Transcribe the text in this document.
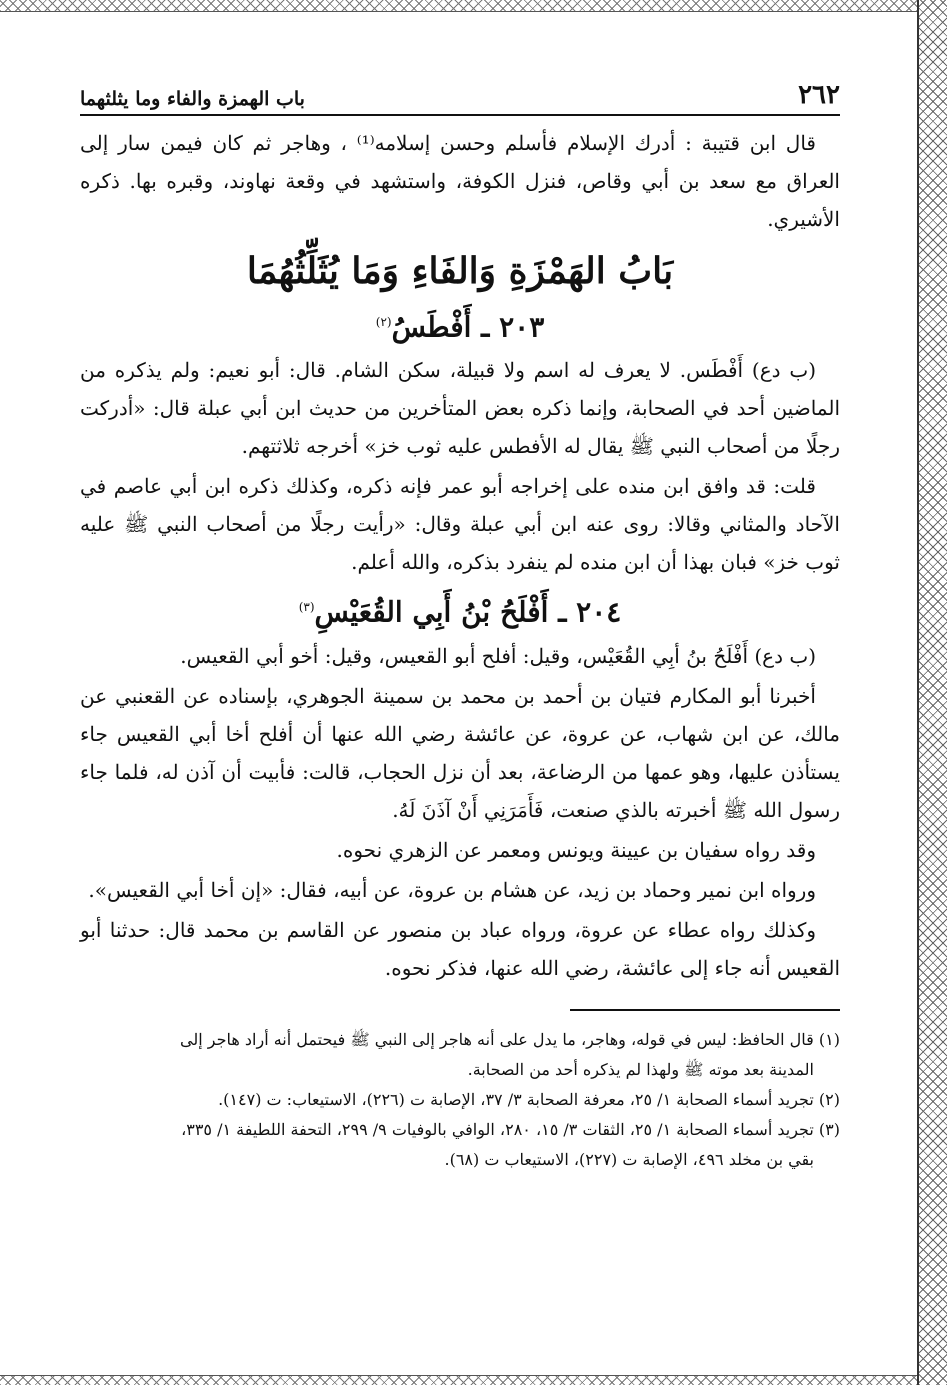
٢٦٢
باب الهمزة والفاء وما يثلثهما

قال ابن قتيبة : أدرك الإسلام فأسلم وحسن إسلامه⁽¹⁾ ، وهاجر ثم كان فيمن سار إلى العراق مع سعد بن أبي وقاص، فنزل الكوفة، واستشهد في وقعة نهاوند، وقبره بها. ذكره الأشيري.

بَابُ الهَمْزَةِ وَالفَاءِ وَمَا يُثَلِّثُهُمَا
٢٠٣ ـ أَفْطَسُ$^{(٢)}$

(ب دع) أَفْطَس. لا يعرف له اسم ولا قبيلة، سكن الشام. قال: أبو نعيم: ولم يذكره من الماضين أحد في الصحابة، وإنما ذكره بعض المتأخرين من حديث ابن أبي عبلة قال: «أدركت رجلًا من أصحاب النبي ﷺ يقال له الأفطس عليه ثوب خز» أخرجه ثلاثتهم.

قلت: قد وافق ابن منده على إخراجه أبو عمر فإنه ذكره، وكذلك ذكره ابن أبي عاصم في الآحاد والمثاني وقالا: روى عنه ابن أبي عبلة وقال: «رأيت رجلًا من أصحاب النبي ﷺ عليه ثوب خز» فبان بهذا أن ابن منده لم ينفرد بذكره، والله أعلم.

٢٠٤ ـ أَفْلَحُ بْنُ أَبِي القُعَيْسِ$^{(٣)}$

(ب دع) أَفْلَحُ بنُ أبِي القُعَيْس، وقيل: أفلح أبو القعيس، وقيل: أخو أبي القعيس.

أخبرنا أبو المكارم فتيان بن أحمد بن محمد بن سمينة الجوهري، بإسناده عن القعنبي عن مالك، عن ابن شهاب، عن عروة، عن عائشة رضي الله عنها أن أفلح أخا أبي القعيس جاء يستأذن عليها، وهو عمها من الرضاعة، بعد أن نزل الحجاب، قالت: فأبيت أن آذن له، فلما جاء رسول الله ﷺ أخبرته بالذي صنعت، فَأَمَرَنِي أَنْ آذَنَ لَهُ.

وقد رواه سفيان بن عيينة ويونس ومعمر عن الزهري نحوه.

ورواه ابن نمير وحماد بن زيد، عن هشام بن عروة، عن أبيه، فقال: «إن أخا أبي القعيس».

وكذلك رواه عطاء عن عروة، ورواه عباد بن منصور عن القاسم بن محمد قال: حدثنا أبو القعيس أنه جاء إلى عائشة، رضي الله عنها، فذكر نحوه.

(١) قال الحافظ: ليس في قوله، وهاجر، ما يدل على أنه هاجر إلى النبي ﷺ فيحتمل أنه أراد هاجر إلى

المدينة بعد موته ﷺ ولهذا لم يذكره أحد من الصحابة.

(٢) تجريد أسماء الصحابة ١/ ٢٥، معرفة الصحابة ٣/ ٣٧، الإصابة ت (٢٢٦)، الاستيعاب: ت (١٤٧).

(٣) تجريد أسماء الصحابة ١/ ٢٥، الثقات ٣/ ١٥، ٢٨٠، الوافي بالوفيات ٩/ ٢٩٩، التحفة اللطيفة ١/ ٣٣٥،

بقي بن مخلد ٤٩٦، الإصابة ت (٢٢٧)، الاستيعاب ت (٦٨).
